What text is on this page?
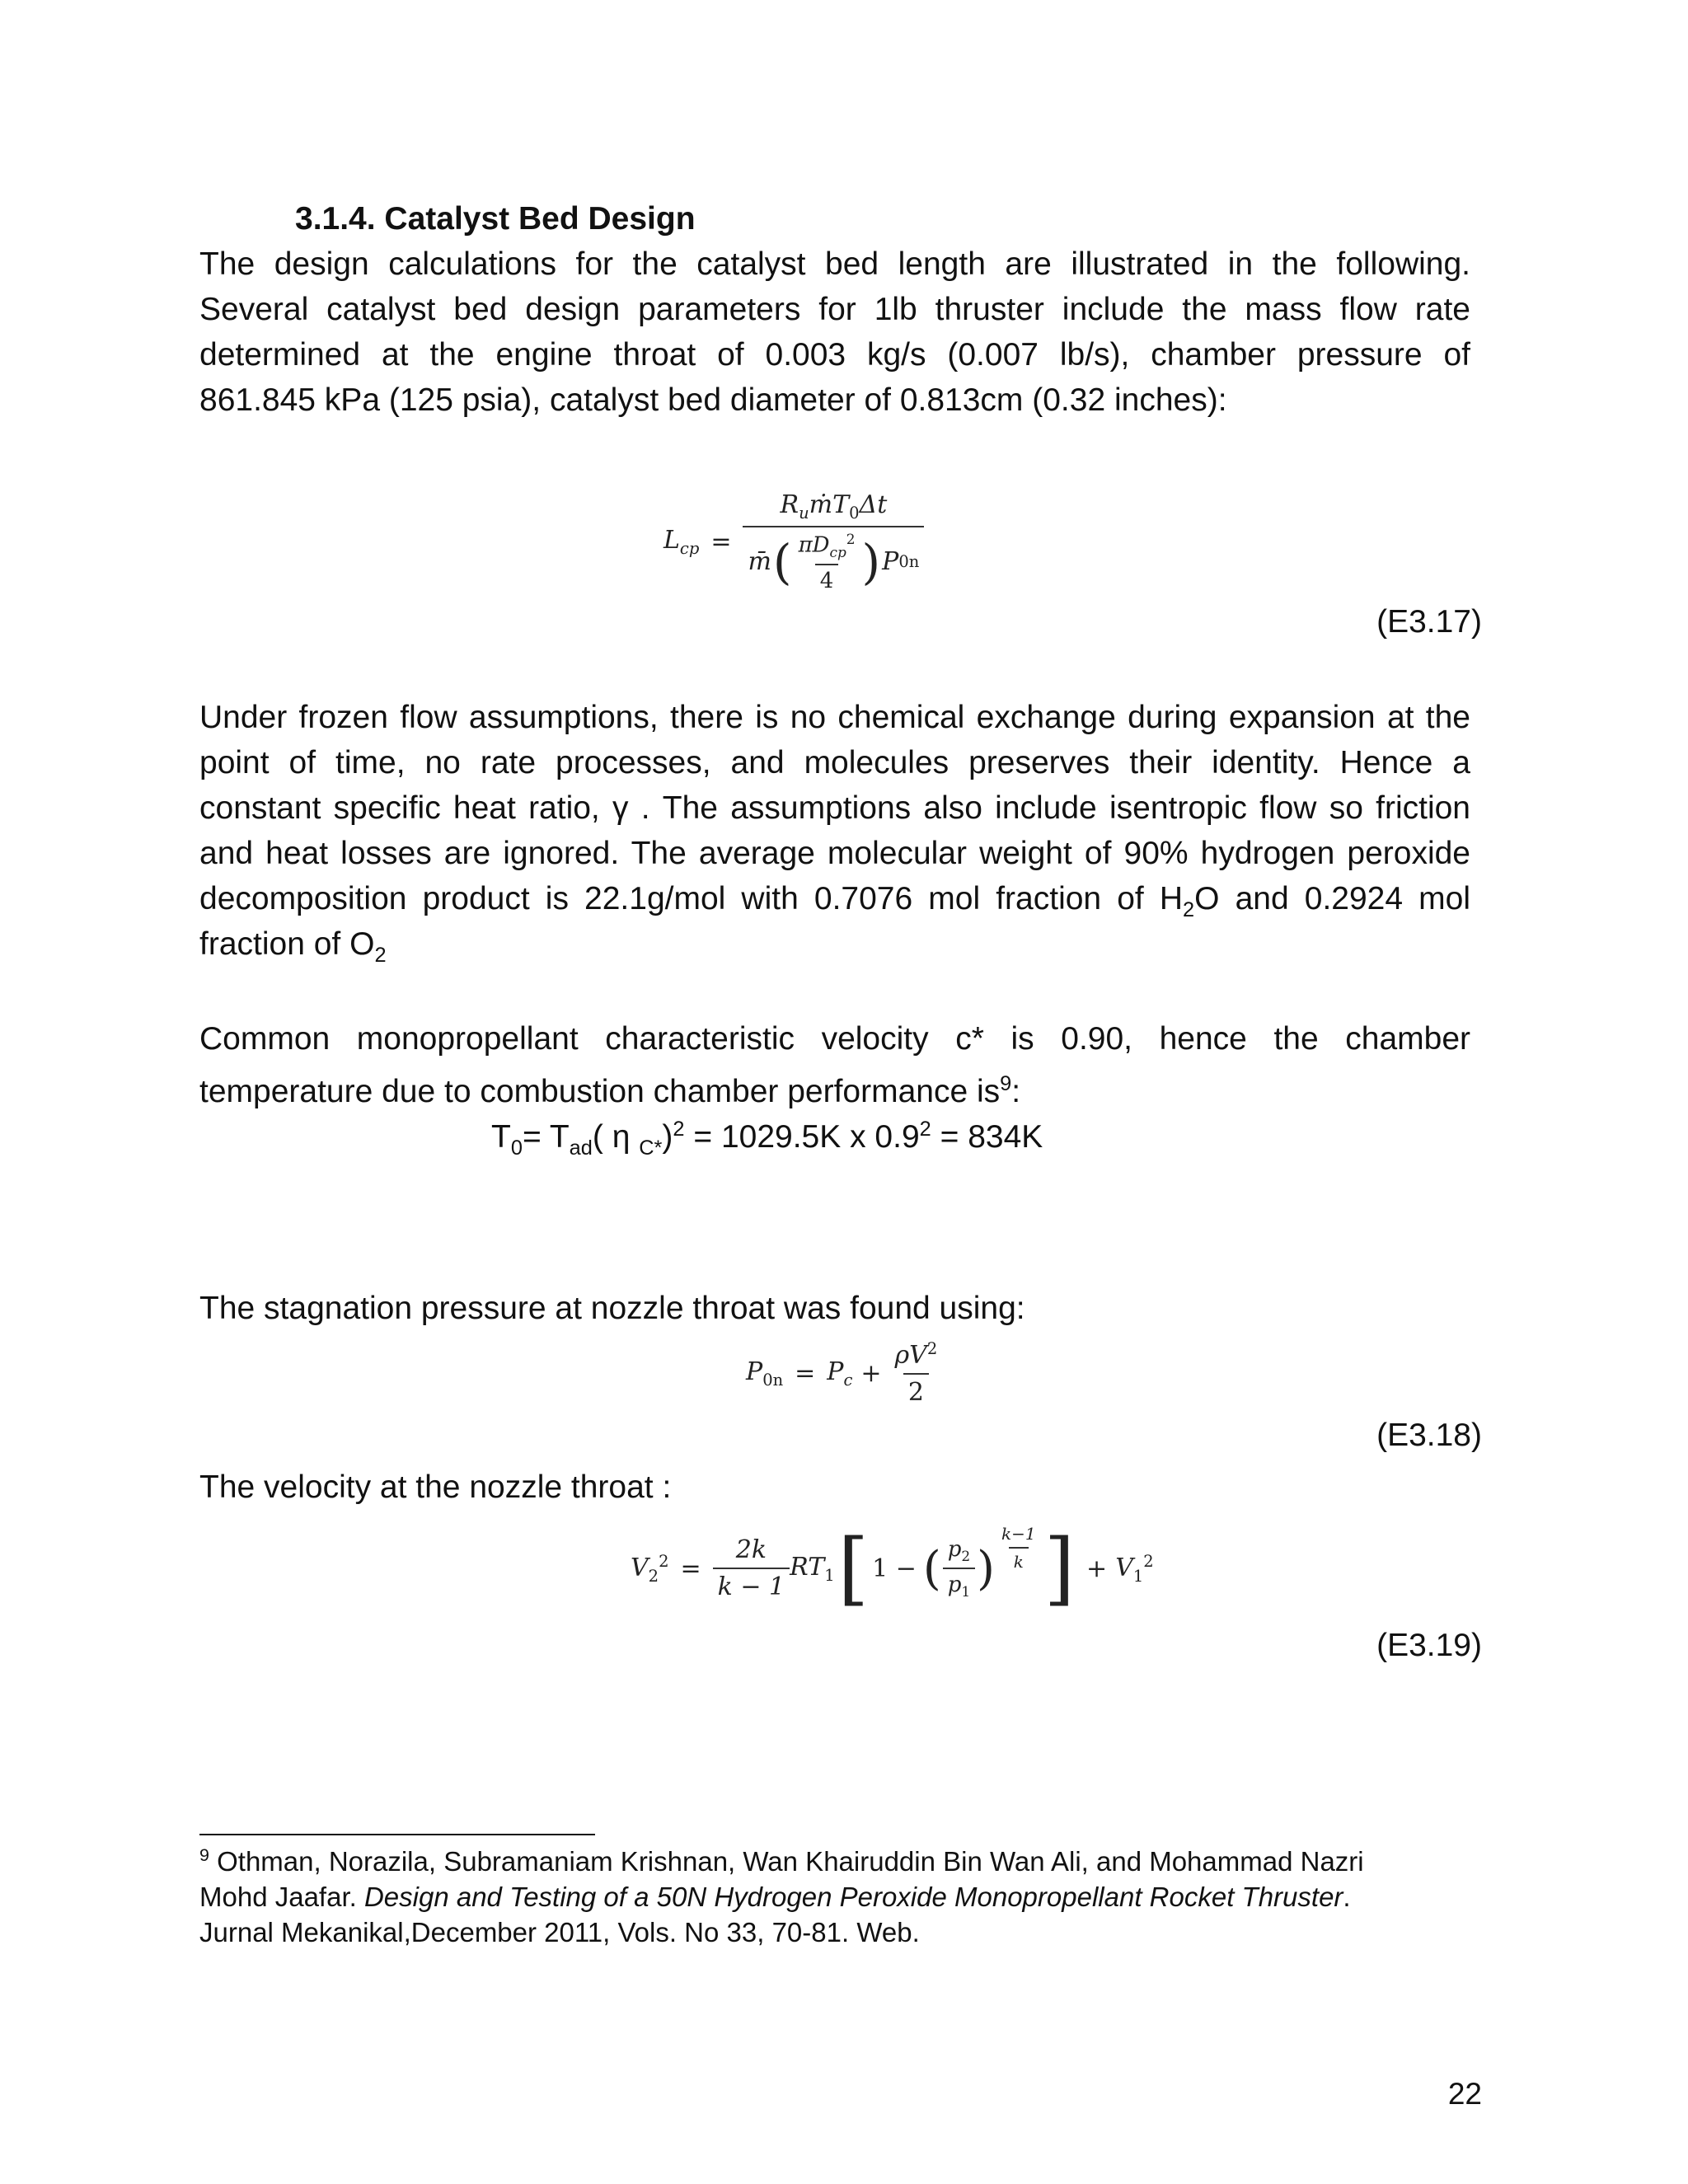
3.1.4. Catalyst Bed Design
The design calculations for the catalyst bed length are illustrated in the following.
Several catalyst bed design parameters for 1lb thruster include the mass flow rate
determined at the engine throat of 0.003 kg/s (0.007 lb/s), chamber pressure of
861.845 kPa (125 psia), catalyst bed diameter of 0.813cm (0.32 inches):
$L_{cp}$ =
$R_uṁT_0\Delta t$
m̄ ( $\frac{\pi D_{cp}^2}{4}$ ) P 0n
(E3.17)
Under frozen flow assumptions, there is no chemical exchange during expansion at the
point of time, no rate processes, and molecules preserves their identity. Hence a
constant specific heat ratio, γ . The assumptions also include isentropic flow so friction
and heat losses are ignored. The average molecular weight of 90% hydrogen peroxide
decomposition product is 22.1g/mol with 0.7076 mol fraction of $H_2O$ and 0.2924 mol
fraction of $O_2$
Common monopropellant characteristic velocity c* is 0.90, hence the chamber
temperature due to combustion chamber performance $is^9$:
$T_0= T_{ad}$( η $_{C*}$)$^2$ = 1029.5K x $0.9^2 = 834K$
The stagnation pressure at nozzle throat was found using:
$P_{0n} = P_c + \frac{\rho V^2}{2}$
(E3.18)
The velocity at the nozzle throat :
$V_2^2 = \frac{2k}{k - 1} RT_1$ [ 1 − ( $\frac{p_2}{p_1}$ ) $\frac{k-1}{k}$ ] + $V_1^2$
(E3.19)
$^9$ Othman, Norazila, Subramaniam Krishnan, Wan Khairuddin Bin Wan Ali, and Mohammad Nazri
Mohd Jaafar. Design and Testing of a 50N Hydrogen Peroxide Monopropellant Rocket Thruster.
Jurnal Mekanikal,December 2011, Vols. No 33, 70-81. Web.
22
